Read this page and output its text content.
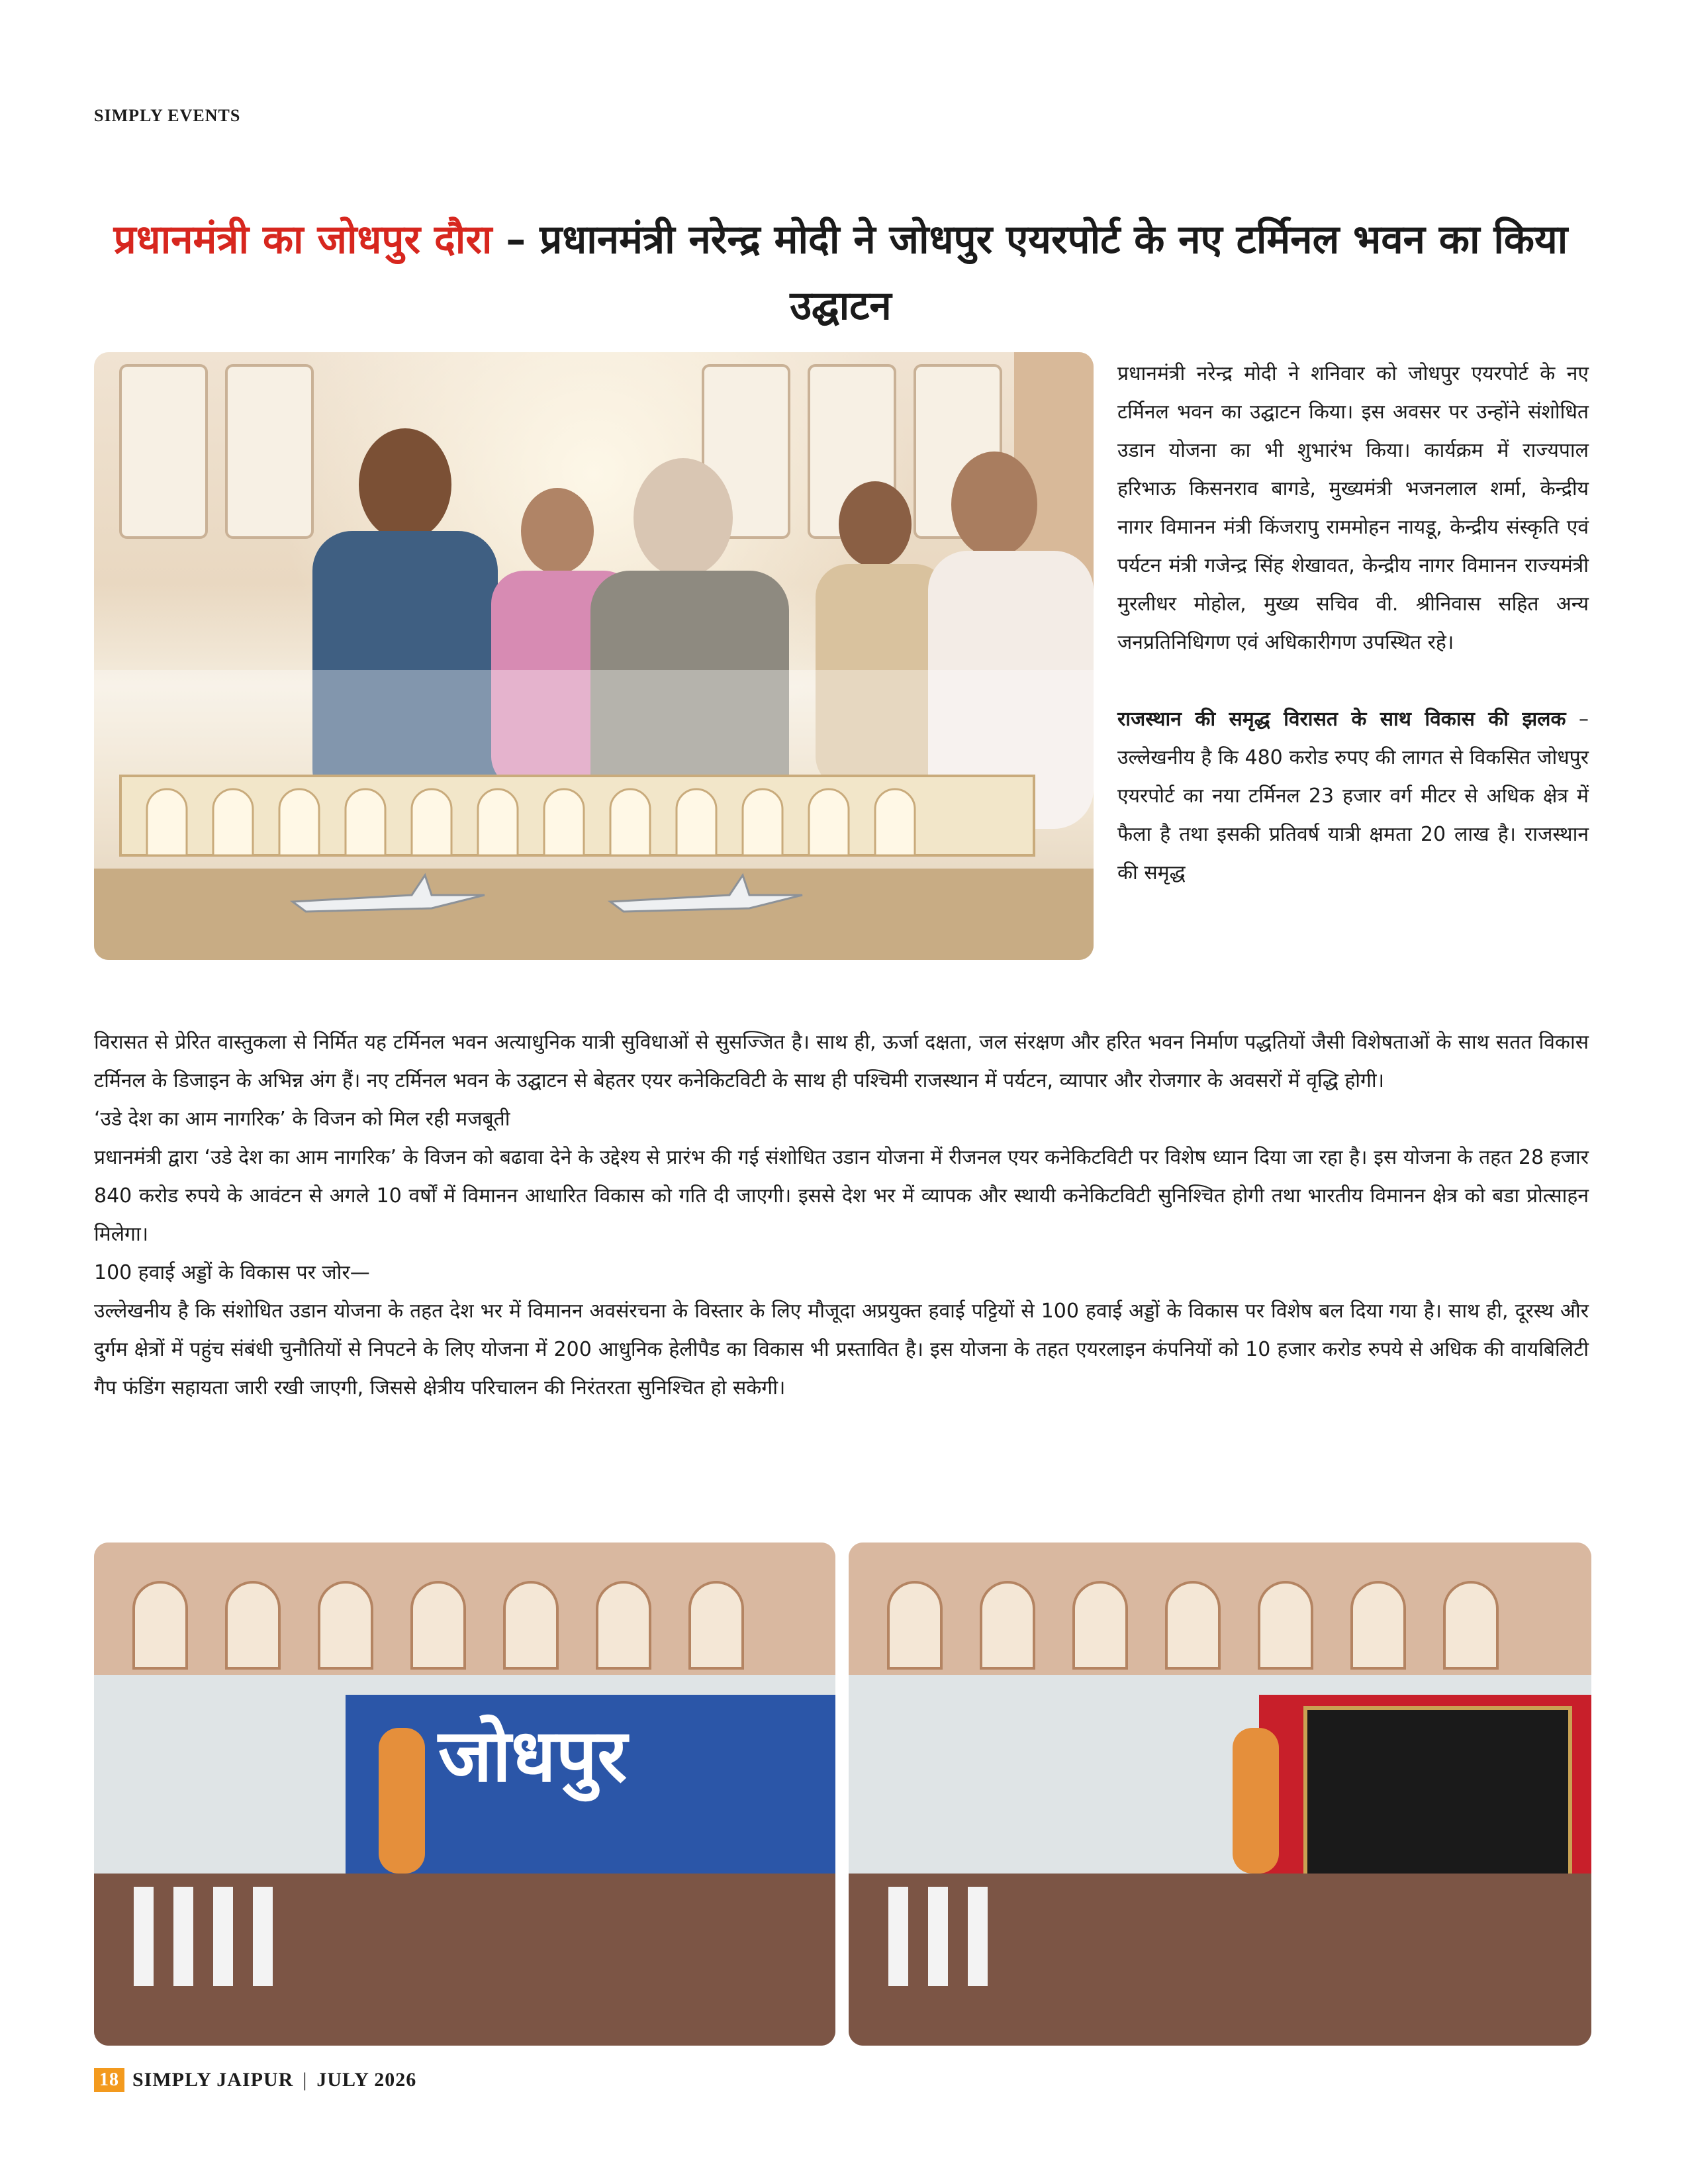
SIMPLY EVENTS
प्रधानमंत्री का जोधपुर दौरा – प्रधानमंत्री नरेन्द्र मोदी ने जोधपुर एयरपोर्ट के नए टर्मिनल भवन का किया उद्घाटन

प्रधानमंत्री नरेन्द्र मोदी ने शनिवार को जोधपुर एयरपोर्ट के नए टर्मिनल भवन का उद्घाटन किया। इस अवसर पर उन्होंने संशोधित उडान योजना का भी शुभारंभ किया। कार्यक्रम में राज्यपाल हरिभाऊ किसनराव बागडे, मुख्यमंत्री भजनलाल शर्मा, केन्द्रीय नागर विमानन मंत्री किंजरापु राममोहन नायडू, केन्द्रीय संस्कृति एवं पर्यटन मंत्री गजेन्द्र सिंह शेखावत, केन्द्रीय नागर विमानन राज्यमंत्री मुरलीधर मोहोल, मुख्य सचिव वी. श्रीनिवास सहित अन्य जनप्रतिनिधिगण एवं अधिकारीगण उपस्थित रहे।

राजस्थान की समृद्ध विरासत के साथ विकास की झलक – उल्लेखनीय है कि 480 करोड रुपए की लागत से विकसित जोधपुर एयरपोर्ट का नया टर्मिनल 23 हजार वर्ग मीटर से अधिक क्षेत्र में फैला है तथा इसकी प्रतिवर्ष यात्री क्षमता 20 लाख है। राजस्थान की समृद्ध

विरासत से प्रेरित वास्तुकला से निर्मित यह टर्मिनल भवन अत्याधुनिक यात्री सुविधाओं से सुसज्जित है। साथ ही, ऊर्जा दक्षता, जल संरक्षण और हरित भवन निर्माण पद्धतियों जैसी विशेषताओं के साथ सतत विकास टर्मिनल के डिजाइन के अभिन्न अंग हैं। नए टर्मिनल भवन के उद्घाटन से बेहतर एयर कनेकिटविटी के साथ ही पश्चिमी राजस्थान में पर्यटन, व्यापार और रोजगार के अवसरों में वृद्धि होगी।

‘उडे देश का आम नागरिक’ के विजन को मिल रही मजबूती

प्रधानमंत्री द्वारा ‘उडे देश का आम नागरिक’ के विजन को बढावा देने के उद्देश्य से प्रारंभ की गई संशोधित उडान योजना में रीजनल एयर कनेकिटविटी पर विशेष ध्यान दिया जा रहा है। इस योजना के तहत 28 हजार 840 करोड रुपये के आवंटन से अगले 10 वर्षों में विमानन आधारित विकास को गति दी जाएगी। इससे देश भर में व्यापक और स्थायी कनेकिटविटी सुनिश्चित होगी तथा भारतीय विमानन क्षेत्र को बडा प्रोत्साहन मिलेगा।

100 हवाई अड्डों के विकास पर जोर—

उल्लेखनीय है कि संशोधित उडान योजना के तहत देश भर में विमानन अवसंरचना के विस्तार के लिए मौजूदा अप्रयुक्त हवाई पट्टियों से 100 हवाई अड्डों के विकास पर विशेष बल दिया गया है। साथ ही, दूरस्थ और दुर्गम क्षेत्रों में पहुंच संबंधी चुनौतियों से निपटने के लिए योजना में 200 आधुनिक हेलीपैड का विकास भी प्रस्तावित है। इस योजना के तहत एयरलाइन कंपनियों को 10 हजार करोड रुपये से अधिक की वायबिलिटी गैप फंडिंग सहायता जारी रखी जाएगी, जिससे क्षेत्रीय परिचालन की निरंतरता सुनिश्चित हो सकेगी।

जोधपुर
18 SIMPLY JAIPUR | JULY 2026
